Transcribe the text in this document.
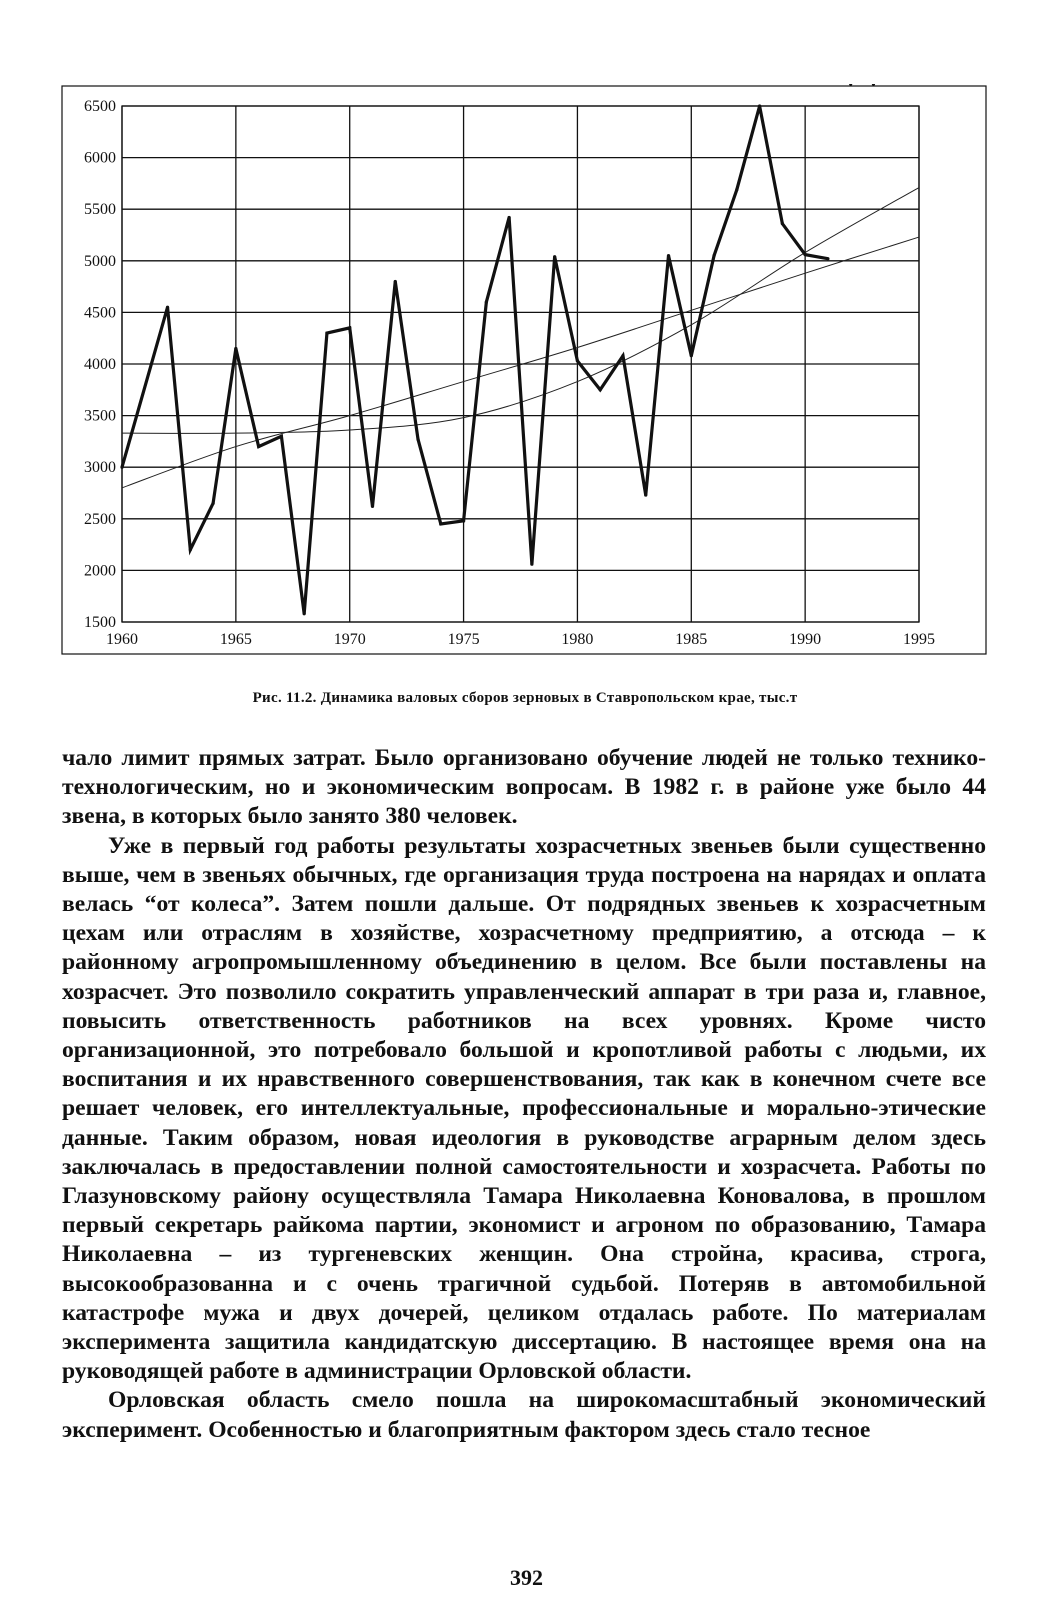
6500
6000
5500
5000
4500
4000
3500
3000
2500
2000
1500
1960	1965	1970	1975	1980	1985	1990	1995

Рис. 11.2. Динамика валовых сборов зерновых в Ставропольском крае, тыс.т

чало лимит прямых затрат. Было организовано обучение людей не только технико-технологическим, но и экономическим вопросам. В 1982 г. в районе уже было 44 звена, в которых было занято 380 человек.

Уже в первый год работы результаты хозрасчетных звеньев были существенно выше, чем в звеньях обычных, где организация труда построена на нарядах и оплата велась “от колеса”. Затем пошли дальше. От подрядных звеньев к хозрасчетным цехам или отраслям в хозяйстве, хозрасчетному предприятию, а отсюда – к районному агропромышленному объединению в целом. Все были поставлены на хозрасчет. Это позволило сократить управленческий аппарат в три раза и, главное, повысить ответственность работников на всех уровнях. Кроме чисто организационной, это потребовало большой и кропотливой работы с людьми, их воспитания и их нравственного совершенствования, так как в конечном счете все решает человек, его интеллектуальные, профессиональные и морально-этические данные. Таким образом, новая идеология в руководстве аграрным делом здесь заключалась в предоставлении полной самостоятельности и хозрасчета. Работы по Глазуновскому району осуществляла Тамара Николаевна Коновалова, в прошлом первый секретарь райкома партии, экономист и агроном по образованию, Тамара Николаевна – из тургеневских женщин. Она стройна, красива, строга, высокообразованна и с очень трагичной судьбой. Потеряв в автомобильной катастрофе мужа и двух дочерей, целиком отдалась работе. По материалам эксперимента защитила кандидатскую диссертацию. В настоящее время она на руководящей работе в администрации Орловской области.

Орловская область смело пошла на широкомасштабный экономический эксперимент. Особенностью и благоприятным фактором здесь стало тесное

392
